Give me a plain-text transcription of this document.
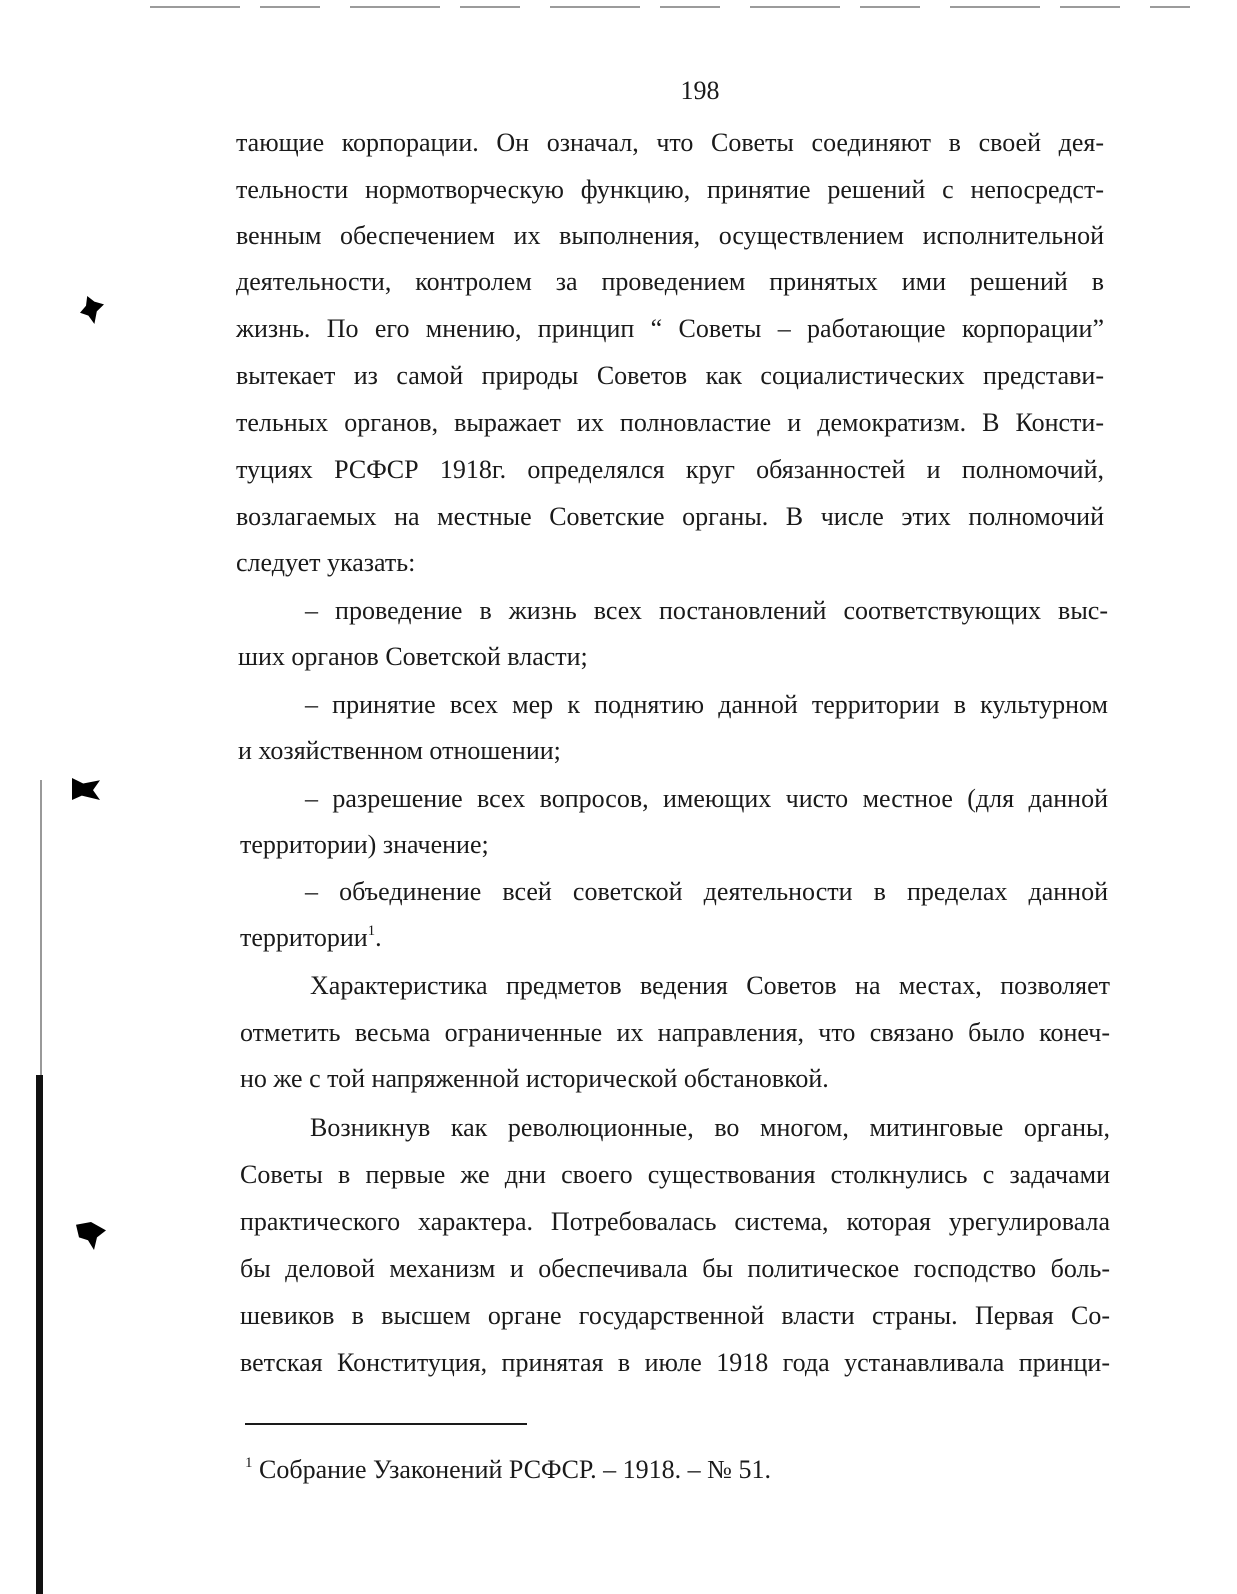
198

тающие корпорации. Он означал, что Советы соединяют в своей дея-

тельности нормотворческую функцию, принятие решений с непосредст-

венным обеспечением их выполнения, осуществлением исполнительной

деятельности, контролем за проведением принятых ими решений в

жизнь. По его мнению, принцип “ Советы – работающие корпорации”

вытекает из самой природы Советов как социалистических представи-

тельных органов, выражает их полновластие и демократизм. В Консти-

туциях РСФСР 1918г. определялся круг обязанностей и полномочий,

возлагаемых на местные Советские органы. В числе этих полномочий

следует указать:

– проведение в жизнь всех постановлений соответствующих выс-

ших органов Советской власти;

– принятие всех мер к поднятию данной территории в культурном

и хозяйственном отношении;

– разрешение всех вопросов, имеющих чисто местное (для данной

территории) значение;

– объединение всей советской деятельности в пределах данной

территории$^1$.

Характеристика предметов ведения Советов на местах, позволяет

отметить весьма ограниченные их направления, что связано было конеч-

но же с той напряженной исторической обстановкой.

Возникнув как революционные, во многом, митинговые органы,

Советы в первые же дни своего существования столкнулись с задачами

практического характера. Потребовалась система, которая урегулировала

бы деловой механизм и обеспечивала бы политическое господство боль-

шевиков в высшем органе государственной власти страны. Первая Со-

ветская Конституция, принятая в июле 1918 года устанавливала принци-

$^1$ Собрание Узаконений РСФСР. – 1918. – № 51.
